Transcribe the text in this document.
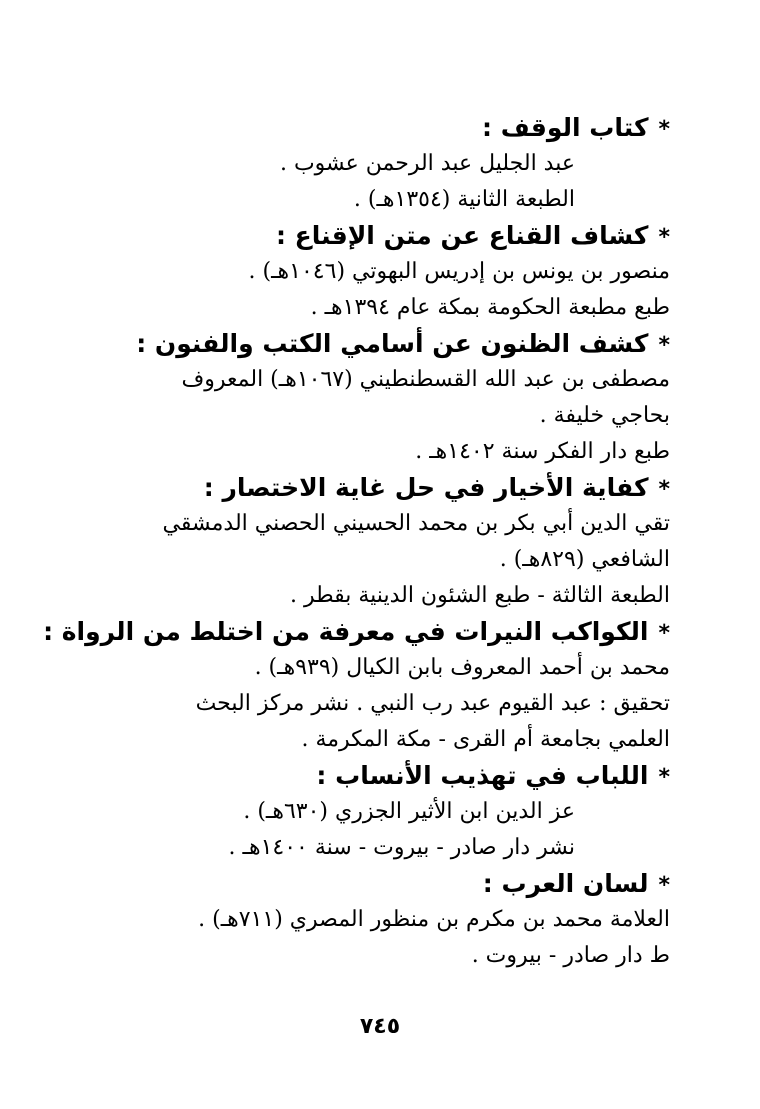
*كتاب الوقف :
عبد الجليل عبد الرحمن عشوب .
الطبعة الثانية (١٣٥٤هـ) .
*كشاف القناع عن متن الإقناع :
منصور بن يونس بن إدريس البهوتي (١٠٤٦هـ) .
طبع مطبعة الحكومة بمكة عام ١٣٩٤هـ .
*كشف الظنون عن أسامي الكتب والفنون :
مصطفى بن عبد الله القسطنطيني (١٠٦٧هـ) المعروف
بحاجي خليفة .
طبع دار الفكر سنة ١٤٠٢هـ .
*كفاية الأخيار في حل غاية الاختصار :
تقي الدين أبي بكر بن محمد الحسيني الحصني الدمشقي
الشافعي (٨٢٩هـ) .
الطبعة الثالثة - طبع الشئون الدينية بقطر .
*الكواكب النيرات في معرفة من اختلط من الرواة :
محمد بن أحمد المعروف بابن الكيال (٩٣٩هـ) .
تحقيق : عبد القيوم عبد رب النبي . نشر مركز البحث
العلمي بجامعة أم القرى - مكة المكرمة .
*اللباب في تهذيب الأنساب :
عز الدين ابن الأثير الجزري (٦٣٠هـ) .
نشر دار صادر - بيروت - سنة ١٤٠٠هـ .
*لسان العرب :
العلامة محمد بن مكرم بن منظور المصري (٧١١هـ) .
ط دار صادر - بيروت .
٧٤٥
